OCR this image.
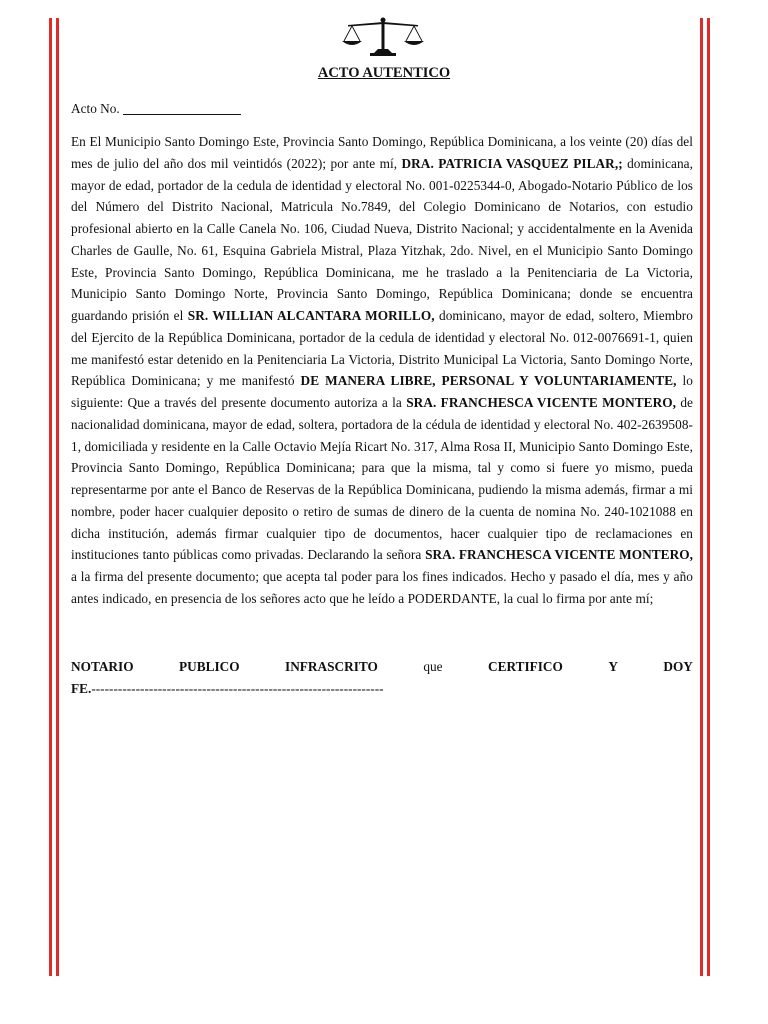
ACTO AUTENTICO
Acto No.
En El Municipio Santo Domingo Este, Provincia Santo Domingo, República Dominicana, a los veinte (20) días del mes de julio del año dos mil veintidós (2022); por ante mí, DRA. PATRICIA VASQUEZ PILAR,; dominicana, mayor de edad, portador de la cedula de identidad y electoral No. 001-0225344-0, Abogado-Notario Público de los del Número del Distrito Nacional, Matricula No.7849, del Colegio Dominicano de Notarios, con estudio profesional abierto en la Calle Canela No. 106, Ciudad Nueva, Distrito Nacional; y accidentalmente en la Avenida Charles de Gaulle, No. 61, Esquina Gabriela Mistral, Plaza Yitzhak, 2do. Nivel, en el Municipio Santo Domingo Este, Provincia Santo Domingo, República Dominicana, me he traslado a la Penitenciaria de La Victoria, Municipio Santo Domingo Norte, Provincia Santo Domingo, República Dominicana; donde se encuentra guardando prisión el SR. WILLIAN ALCANTARA MORILLO, dominicano, mayor de edad, soltero, Miembro del Ejercito de la República Dominicana, portador de la cedula de identidad y electoral No. 012-0076691-1, quien me manifestó estar detenido en la Penitenciaria La Victoria, Distrito Municipal La Victoria, Santo Domingo Norte, República Dominicana; y me manifestó DE MANERA LIBRE, PERSONAL Y VOLUNTARIAMENTE, lo siguiente: Que a través del presente documento autoriza a la SRA. FRANCHESCA VICENTE MONTERO, de nacionalidad dominicana, mayor de edad, soltera, portadora de la cédula de identidad y electoral No. 402-2639508-1, domiciliada y residente en la Calle Octavio Mejía Ricart No. 317, Alma Rosa II, Municipio Santo Domingo Este, Provincia Santo Domingo, República Dominicana; para que la misma, tal y como si fuere yo mismo, pueda representarme por ante el Banco de Reservas de la República Dominicana, pudiendo la misma además, firmar a mi nombre, poder hacer cualquier deposito o retiro de sumas de dinero de la cuenta de nomina No. 240-1021088 en dicha institución, además firmar cualquier tipo de documentos, hacer cualquier tipo de reclamaciones en instituciones tanto públicas como privadas. Declarando la señora SRA. FRANCHESCA VICENTE MONTERO, a la firma del presente documento; que acepta tal poder para los fines indicados. Hecho y pasado el día, mes y año antes indicado, en presencia de los señores acto que he leído a PODERDANTE, la cual lo firma por ante mí;
NOTARIO	PUBLICO	INFRASCRITO	que	CERTIFICO	Y	DOY
FE.------------------------------------------------------------------
